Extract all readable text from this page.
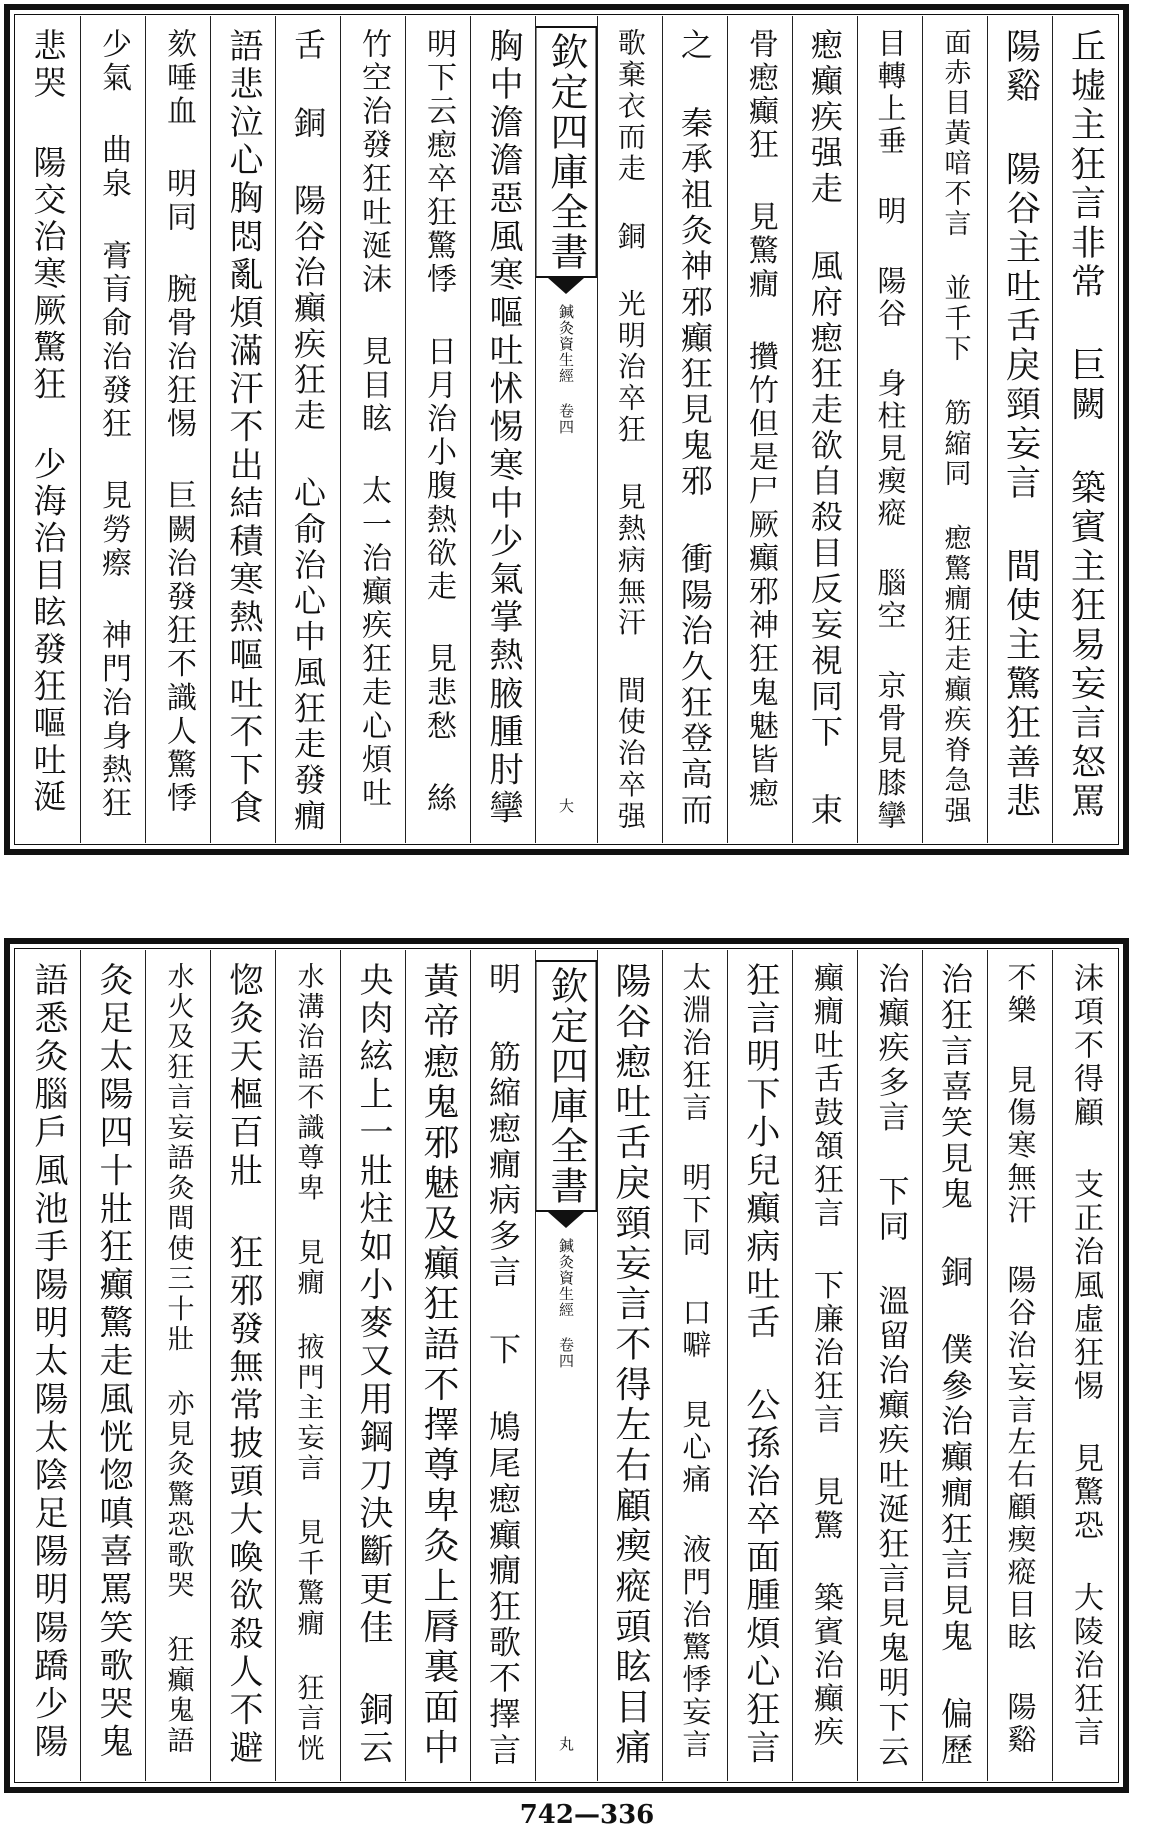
丘墟主狂言非常 巨闕 築賓主狂易妄言怒罵
陽谿 陽谷主吐舌戾頸妄言 間使主驚狂善悲
面赤目黃喑不言 並千下 筋縮同 瘛驚癇狂走癲疾脊急强
目轉上垂 明 陽谷 身柱見瘈瘲 腦空 京骨見膝攣
瘛癲疾强走 風府瘛狂走欲自殺目反妄視同下 束
骨瘛癲狂 見驚癇 攢竹但是尸厥癲邪神狂鬼魅皆瘛
之 秦承祖灸神邪癲狂見鬼邪 衝陽治久狂登高而
歌棄衣而走 銅 光明治卒狂 見熱病無汗 間使治卒强
欽定四庫全書
鍼灸資生經 卷四
大
胸中澹澹惡風寒嘔吐怵惕寒中少氣掌熱腋腫肘攣
明下云瘛卒狂驚悸 日月治小腹熱欲走 見悲愁 絲
竹空治發狂吐涎沫 見目眩 太一治癲疾狂走心煩吐
舌 銅 陽谷治癲疾狂走 心俞治心中風狂走發癇
語悲泣心胸悶亂煩滿汗不出結積寒熱嘔吐不下食
欬唾血 明同 腕骨治狂惕 巨闕治發狂不識人驚悸
少氣 曲泉 膏肓俞治發狂 見勞瘵 神門治身熱狂
悲哭 陽交治寒厥驚狂 少海治目眩發狂嘔吐涎
沫項不得顧 支正治風虛狂惕 見驚恐 大陵治狂言
不樂 見傷寒無汗 陽谷治妄言左右顧瘈瘲目眩 陽谿
治狂言喜笑見鬼 銅 僕參治癲癇狂言見鬼 偏歷
治癲疾多言 下同 溫留治癲疾吐涎狂言見鬼明下云
癲癇吐舌鼓頷狂言 下廉治狂言 見驚 築賓治癲疾
狂言明下小兒癲病吐舌 公孫治卒面腫煩心狂言
太淵治狂言 明下同 口噼 見心痛 液門治驚悸妄言
陽谷瘛吐舌戾頸妄言不得左右顧瘈瘲頭眩目痛
欽定四庫全書
鍼灸資生經 卷四
丸
明 筋縮瘛癇病多言 下 鳩尾瘛癲癇狂歌不擇言
黃帝瘛鬼邪魅及癲狂語不擇尊卑灸上脣裏面中
央肉絃上一壯炷如小麥又用鋼刀決斷更佳 銅云
水溝治語不識尊卑 見癇 掖門主妄言 見千驚癇 狂言恍
惚灸天樞百壯 狂邪發無常披頭大喚欲殺人不避
水火及狂言妄語灸間使三十壯 亦見灸驚恐歌哭 狂癲鬼語
灸足太陽四十壯狂癲驚走風恍惚嗔喜罵笑歌哭鬼
語悉灸腦戶風池手陽明太陽太陰足陽明陽蹻少陽
742—336
